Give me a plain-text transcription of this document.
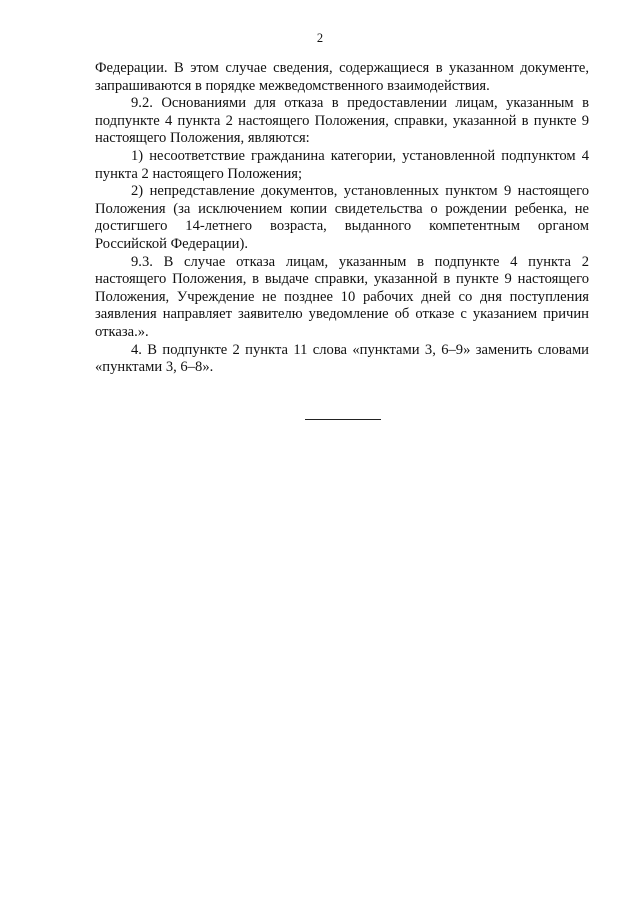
2

Федерации. В этом случае сведения, содержащиеся в указанном документе, запрашиваются в порядке межведомственного взаимодействия.

9.2. Основаниями для отказа в предоставлении лицам, указанным в подпункте 4 пункта 2 настоящего Положения, справки, указанной в пункте 9 настоящего Положения, являются:

1) несоответствие гражданина категории, установленной подпунктом 4 пункта 2 настоящего Положения;

2) непредставление документов, установленных пунктом 9 настоящего Положения (за исключением копии свидетельства о рождении ребенка, не достигшего 14-летнего возраста, выданного компетентным органом Российской Федерации).

9.3. В случае отказа лицам, указанным в подпункте 4 пункта 2 настоящего Положения, в выдаче справки, указанной в пункте 9 настоящего Положения, Учреждение не позднее 10 рабочих дней со дня поступления заявления направляет заявителю уведомление об отказе с указанием причин отказа.».

4. В подпункте 2 пункта 11 слова «пунктами 3, 6–9» заменить словами «пунктами 3, 6–8».
